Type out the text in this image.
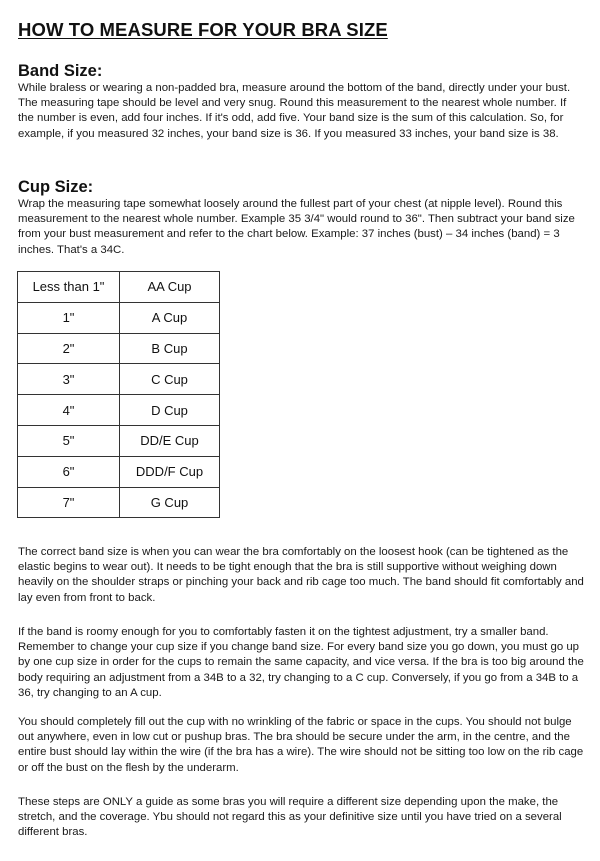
HOW TO MEASURE FOR YOUR BRA SIZE
Band Size:

While braless or wearing a non-padded bra, measure around the bottom of the band, directly under your bust. The measuring tape should be level and very snug. Round this measurement to the nearest whole number. If the number is even, add four inches. If it's odd, add five. Your band size is the sum of this calculation. So, for example, if you measured 32 inches, your band size is 36. If you measured 33 inches, your band size is 38.

Cup Size:

Wrap the measuring tape somewhat loosely around the fullest part of your chest (at nipple level). Round this measurement to the nearest whole number. Example 35 3/4" would round to 36". Then subtract your band size from your bust measurement and refer to the chart below. Example: 37 inches (bust) – 34 inches (band) = 3 inches. That's a 34C.

Less than 1"	AA Cup
1"	A Cup
2"	B Cup
3"	C Cup
4"	D Cup
5"	DD/E Cup
6"	DDD/F Cup
7"	G Cup

The correct band size is when you can wear the bra comfortably on the loosest hook (can be tightened as the elastic begins to wear out). It needs to be tight enough that the bra is still supportive without weighing down heavily on the shoulder straps or pinching your back and rib cage too much. The band should fit comfortably and lay even from front to back.

If the band is roomy enough for you to comfortably fasten it on the tightest adjustment, try a smaller band. Remember to change your cup size if you change band size. For every band size you go down, you must go up by one cup size in order for the cups to remain the same capacity, and vice versa. If the bra is too big around the body requiring an adjustment from a 34B to a 32, try changing to a C cup. Conversely, if you go from a 34B to a 36, try changing to an A cup.

You should completely fill out the cup with no wrinkling of the fabric or space in the cups. You should not bulge out anywhere, even in low cut or pushup bras. The bra should be secure under the arm, in the centre, and the entire bust should lay within the wire (if the bra has a wire). The wire should not be sitting too low on the rib cage or off the bust on the flesh by the underarm.

These steps are ONLY a guide as some bras you will require a different size depending upon the make, the stretch, and the coverage. Ybu should not regard this as your definitive size until you have tried on a several different bras.
